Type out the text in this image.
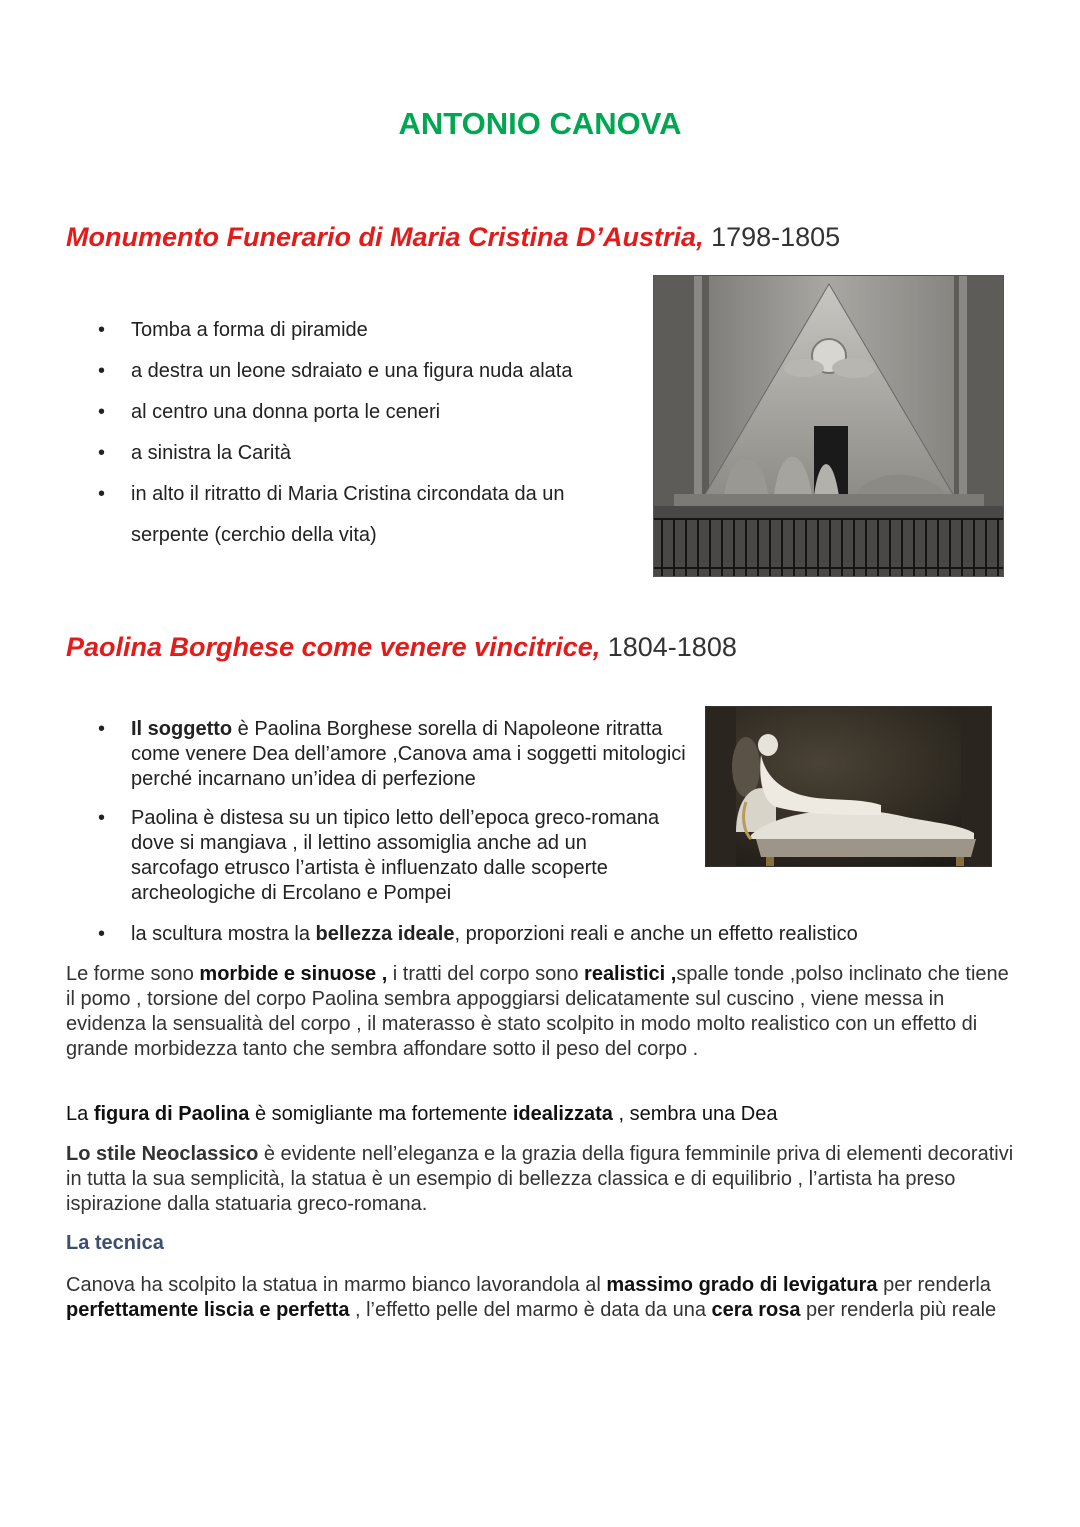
ANTONIO CANOVA
Monumento Funerario di Maria Cristina D’Austria, 1798-1805
• Tomba a forma di piramide
• a destra un leone sdraiato e una figura nuda alata
• al centro una donna porta le ceneri
• a sinistra la Carità
• in alto il ritratto di Maria Cristina circondata da un serpente (cerchio della vita)
Paolina Borghese come venere vincitrice, 1804-1808
• Il soggetto è Paolina Borghese sorella di Napoleone ritratta come venere Dea dell’amore ,Canova ama i soggetti mitologici perché incarnano un’idea di perfezione
• Paolina è distesa su un tipico letto dell’epoca greco-romana dove si mangiava , il lettino assomiglia anche ad un sarcofago etrusco l’artista è influenzato dalle scoperte archeologiche di Ercolano e Pompei
• la scultura mostra la bellezza ideale, proporzioni reali e anche un effetto realistico

Le forme sono morbide e sinuose , i tratti del corpo sono realistici ,spalle tonde ,polso inclinato che tiene il pomo , torsione del corpo Paolina sembra appoggiarsi delicatamente sul cuscino , viene messa in evidenza la sensualità del corpo , il materasso è stato scolpito in modo molto realistico con un effetto di grande morbidezza tanto che sembra affondare sotto il peso del corpo .

La figura di Paolina è somigliante ma fortemente idealizzata , sembra una Dea

Lo stile Neoclassico è evidente nell’eleganza e la grazia della figura femminile priva di elementi decorativi in tutta la sua semplicità, la statua è un esempio di bellezza classica e di equilibrio , l’artista ha preso ispirazione dalla statuaria greco-romana.

La tecnica

Canova ha scolpito la statua in marmo bianco lavorandola al massimo grado di levigatura per renderla perfettamente liscia e perfetta , l’effetto pelle del marmo è data da una cera rosa per renderla più reale
